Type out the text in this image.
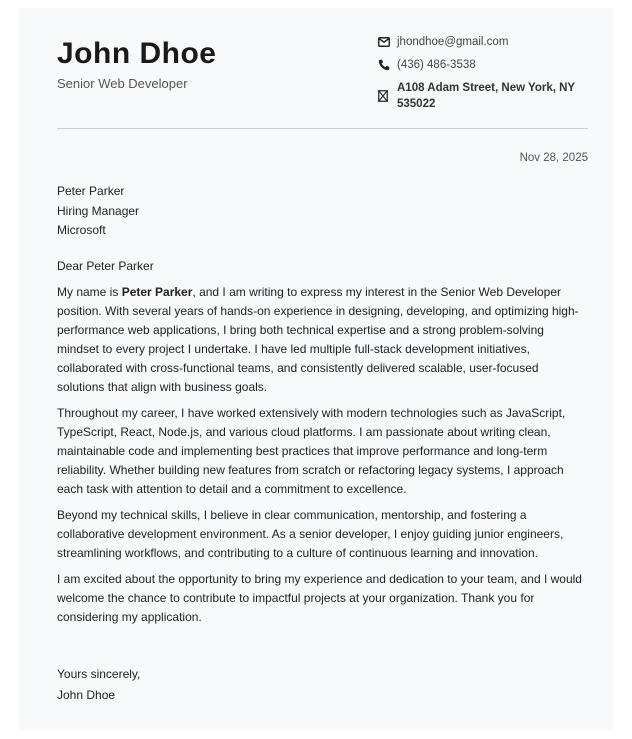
John Dhoe
Senior Web Developer
jhondhoe@gmail.com
(436) 486-3538
A108 Adam Street, New York, NY 535022
Nov 28, 2025
Peter Parker
Hiring Manager
Microsoft
Dear Peter Parker

My name is Peter Parker, and I am writing to express my interest in the Senior Web Developer position. With several years of hands-on experience in designing, developing, and optimizing high-performance web applications, I bring both technical expertise and a strong problem-solving mindset to every project I undertake. I have led multiple full-stack development initiatives, collaborated with cross-functional teams, and consistently delivered scalable, user-focused solutions that align with business goals.

Throughout my career, I have worked extensively with modern technologies such as JavaScript, TypeScript, React, Node.js, and various cloud platforms. I am passionate about writing clean, maintainable code and implementing best practices that improve performance and long-term reliability. Whether building new features from scratch or refactoring legacy systems, I approach each task with attention to detail and a commitment to excellence.

Beyond my technical skills, I believe in clear communication, mentorship, and fostering a collaborative development environment. As a senior developer, I enjoy guiding junior engineers, streamlining workflows, and contributing to a culture of continuous learning and innovation.

I am excited about the opportunity to bring my experience and dedication to your team, and I would welcome the chance to contribute to impactful projects at your organization. Thank you for considering my application.

Yours sincerely,
John Dhoe
